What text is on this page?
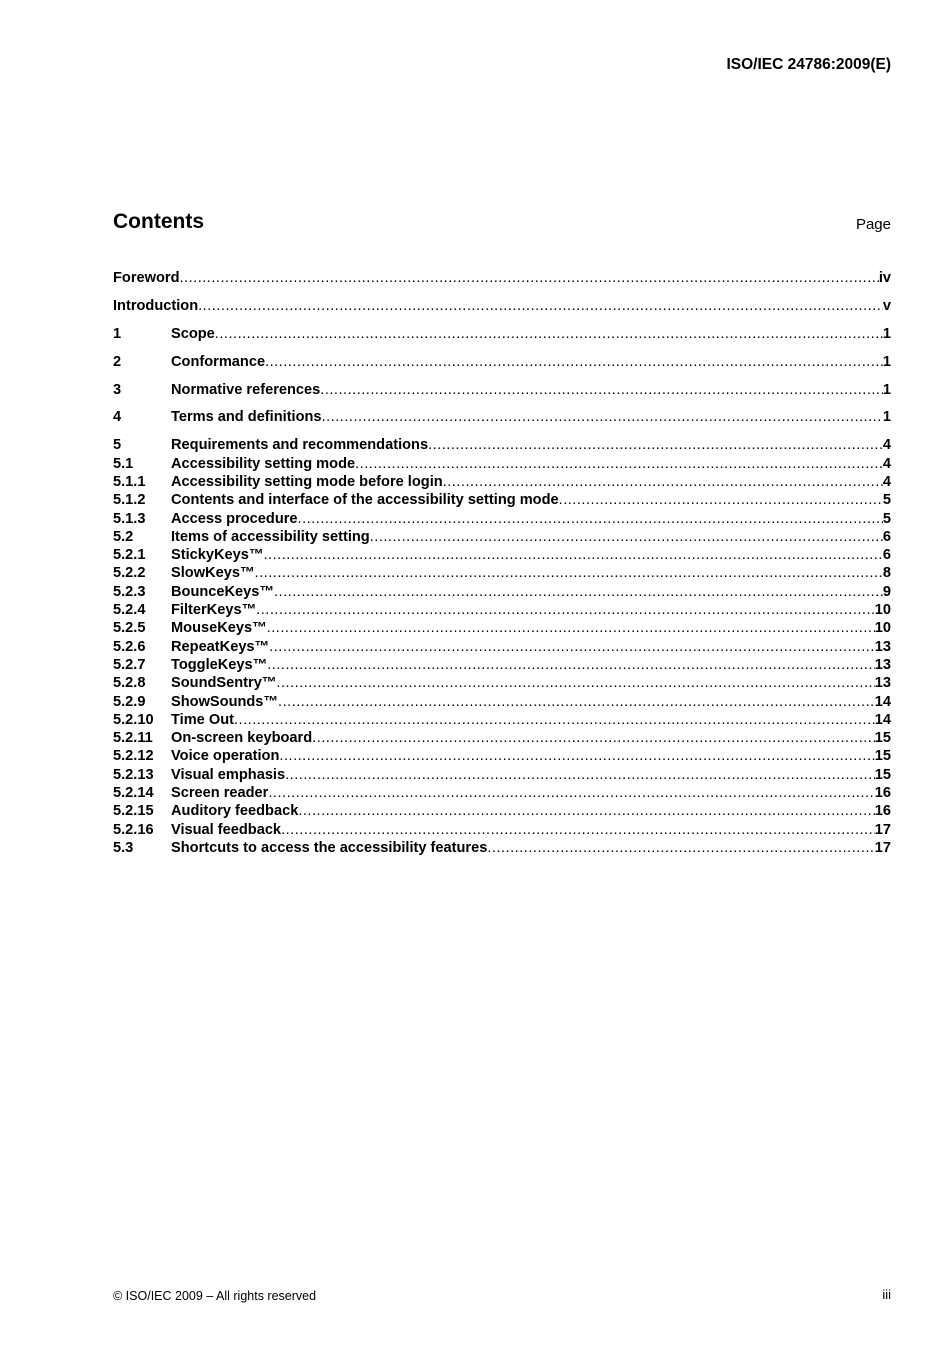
ISO/IEC 24786:2009(E)
Contents	Page
Foreword .....	iv
Introduction .....	v
1	Scope .....	1
2	Conformance .....	1
3	Normative references .....	1
4	Terms and definitions .....	1
5	Requirements and recommendations .....	4
5.1	Accessibility setting mode .....	4
5.1.1	Accessibility setting mode before login .....	4
5.1.2	Contents and interface of the accessibility setting mode .....	5
5.1.3	Access procedure .....	5
5.2	Items of accessibility setting .....	6
5.2.1	StickyKeys™ .....	6
5.2.2	SlowKeys™ .....	8
5.2.3	BounceKeys™ .....	9
5.2.4	FilterKeys™ .....	10
5.2.5	MouseKeys™ .....	10
5.2.6	RepeatKeys™ .....	13
5.2.7	ToggleKeys™ .....	13
5.2.8	SoundSentry™ .....	13
5.2.9	ShowSounds™ .....	14
5.2.10	Time Out .....	14
5.2.11	On-screen keyboard .....	15
5.2.12	Voice operation .....	15
5.2.13	Visual emphasis .....	15
5.2.14	Screen reader .....	16
5.2.15	Auditory feedback .....	16
5.2.16	Visual feedback .....	17
5.3	Shortcuts to access the accessibility features .....	17
© ISO/IEC 2009 – All rights reserved	iii
